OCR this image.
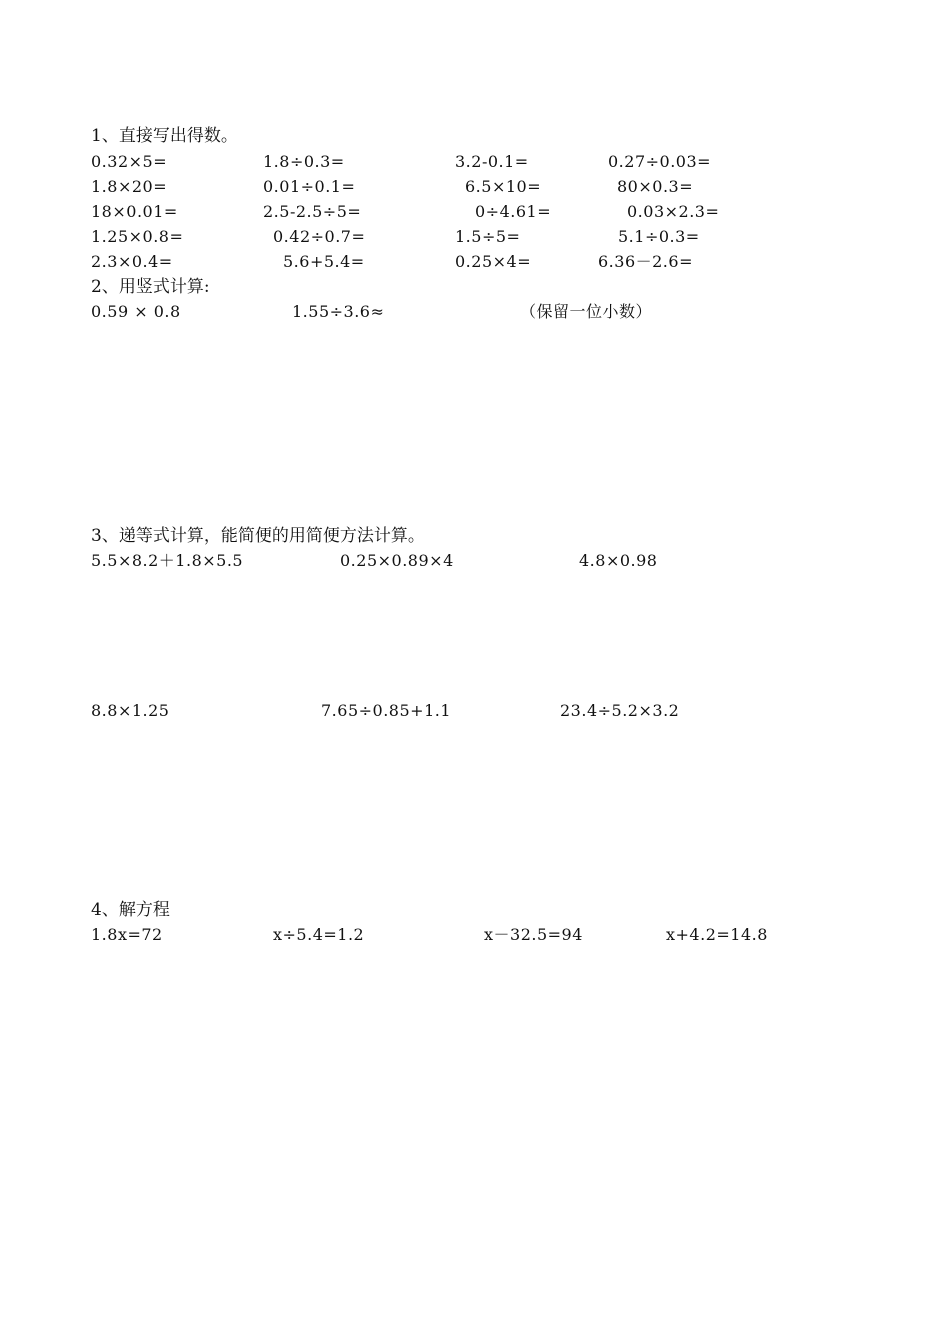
1、直接写出得数。
0.32×5=	1.8÷0.3=	3.2-0.1=	0.27÷0.03=
1.8×20=	0.01÷0.1=	6.5×10=	80×0.3=
18×0.01=	2.5-2.5÷5=	0÷4.61=	0.03×2.3=
1.25×0.8=	0.42÷0.7=	1.5÷5=	5.1÷0.3=
2.3×0.4=	5.6+5.4=	0.25×4=	6.36－2.6=
2、用竖式计算:
0.59 × 0.8	1.55÷3.6≈	（保留一位小数）
3、递等式计算，能简便的用简便方法计算。
5.5×8.2＋1.8×5.5	0.25×0.89×4	4.8×0.98
8.8×1.25	7.65÷0.85+1.1	23.4÷5.2×3.2
4、解方程
1.8x=72	x÷5.4=1.2	x－32.5=94	x+4.2=14.8
